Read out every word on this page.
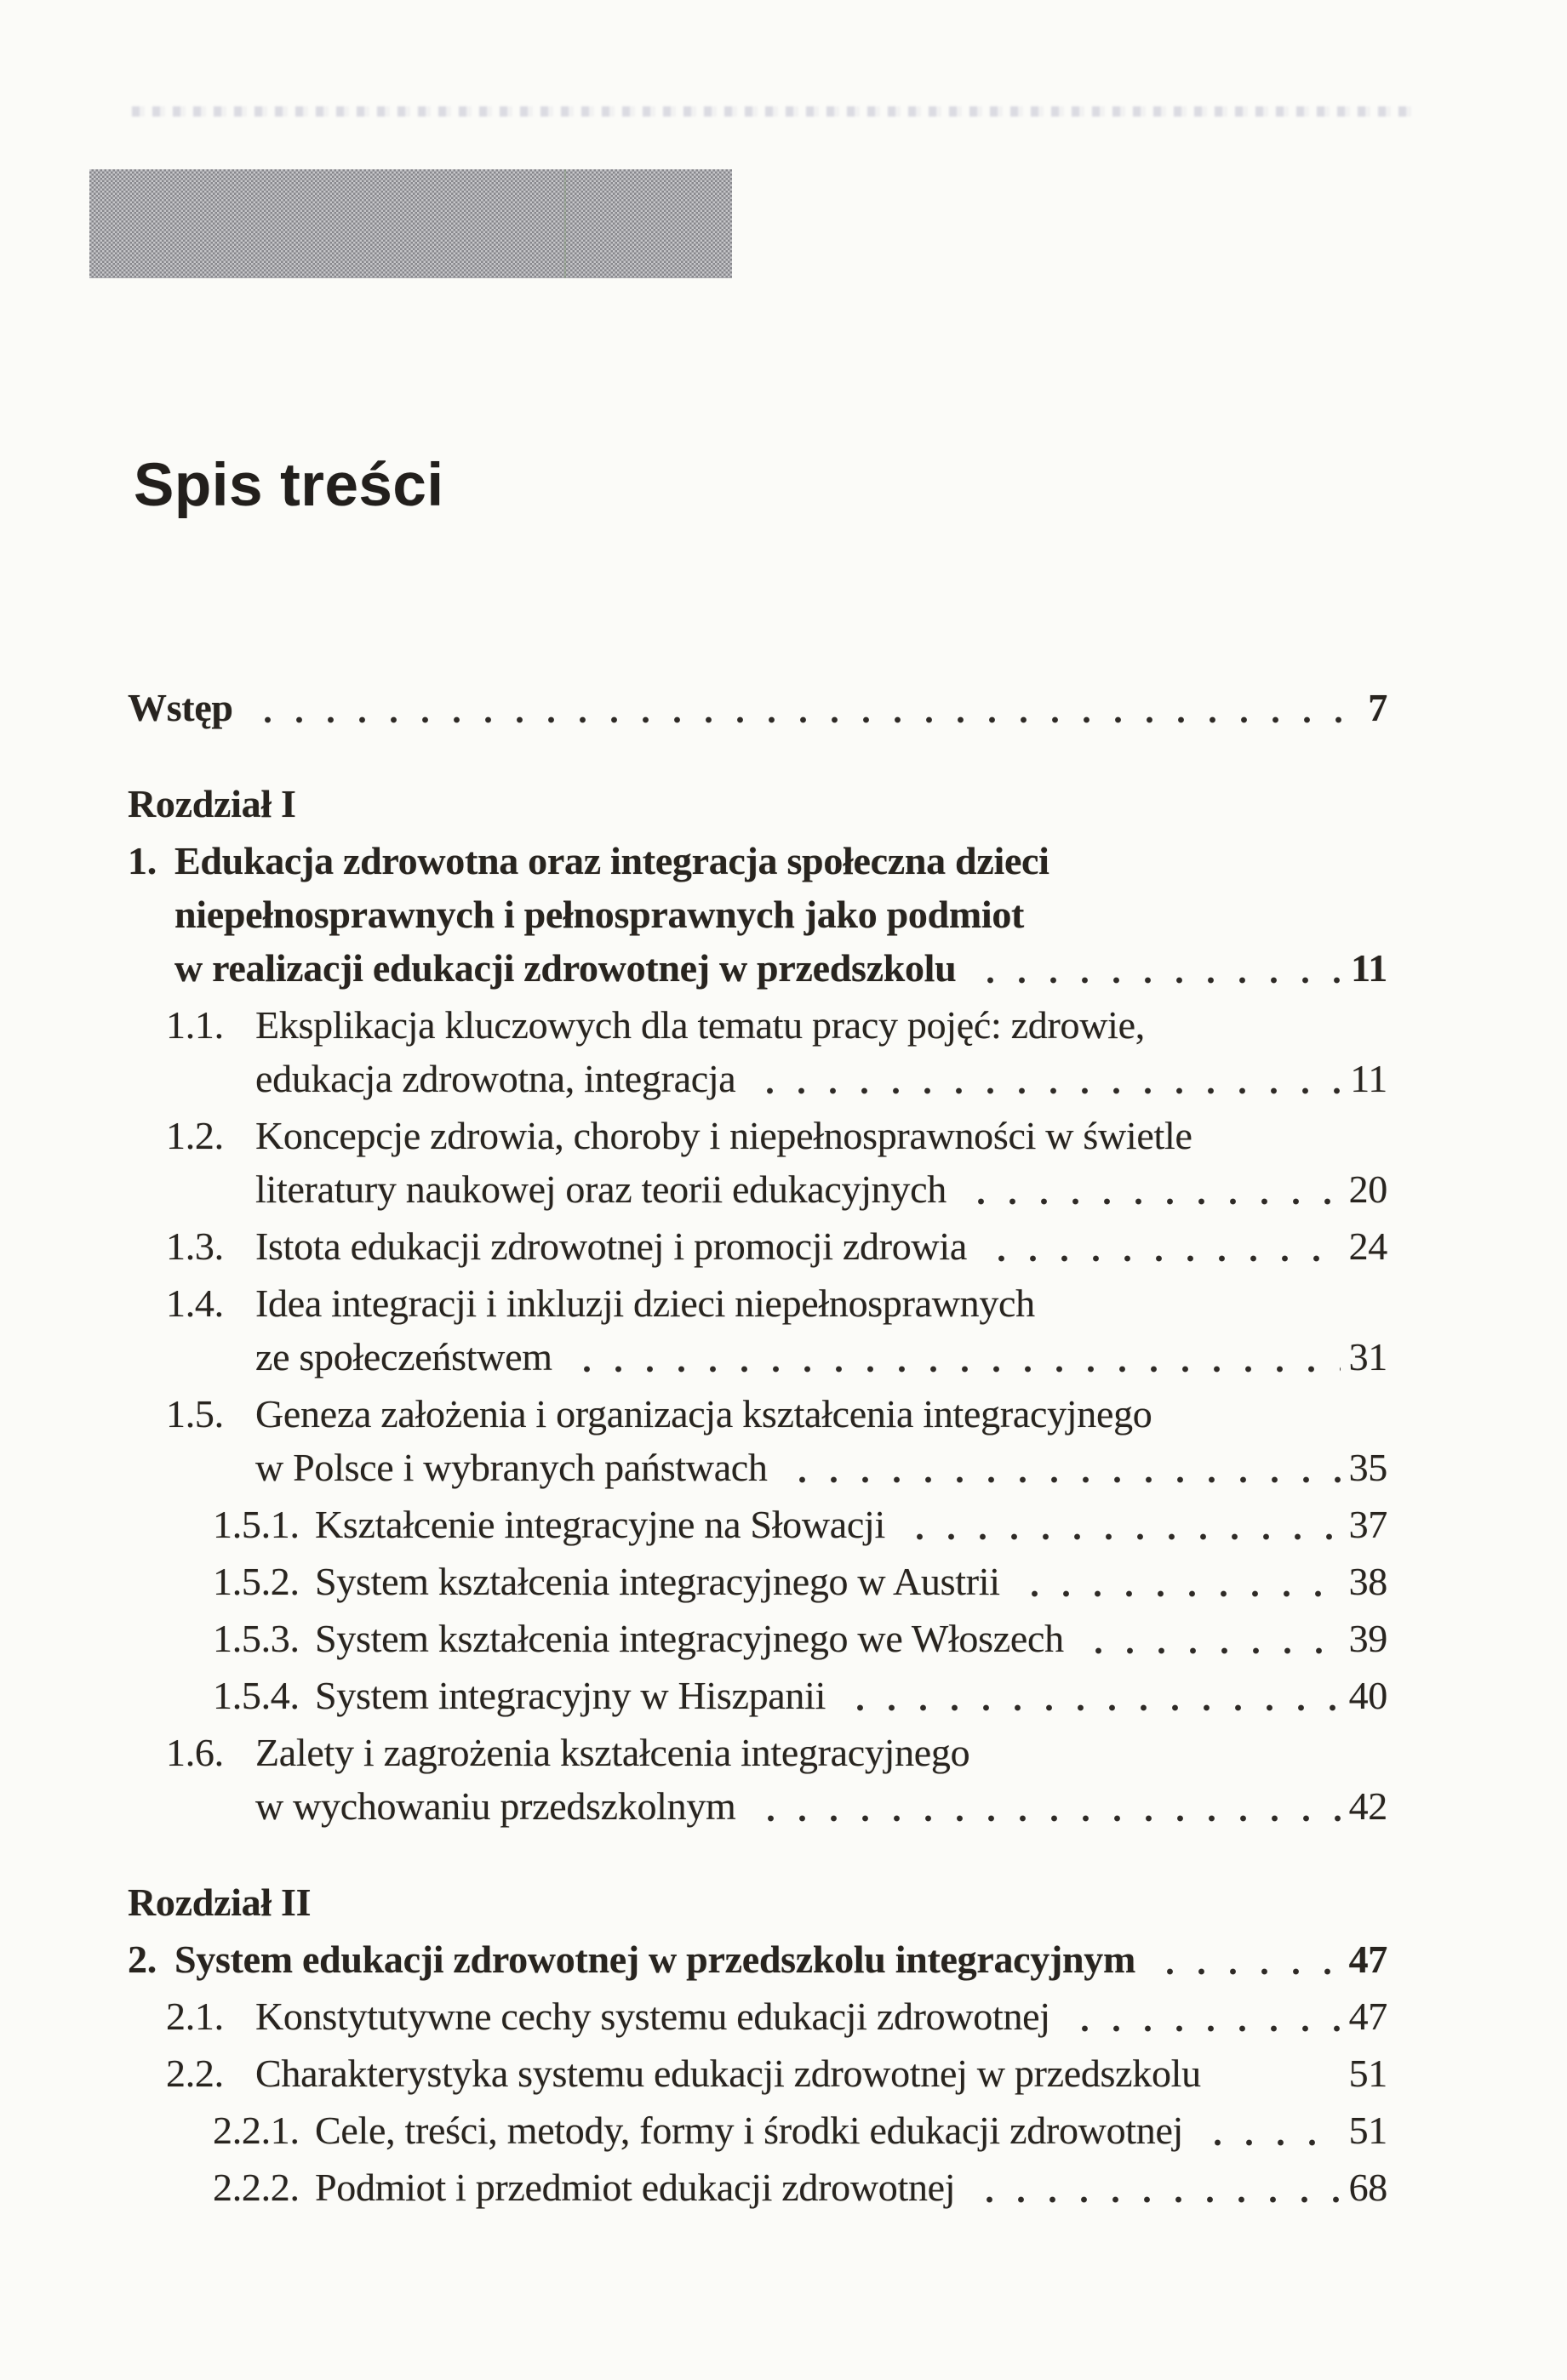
Spis treści
Wstęp	7
Rozdział I
1. Edukacja zdrowotna oraz integracja społeczna dzieci
niepełnosprawnych i pełnosprawnych jako podmiot
w realizacji edukacji zdrowotnej w przedszkolu	11
1.1. Eksplikacja kluczowych dla tematu pracy pojęć: zdrowie,
edukacja zdrowotna, integracja	11
1.2. Koncepcje zdrowia, choroby i niepełnosprawności w świetle
literatury naukowej oraz teorii edukacyjnych	20
1.3. Istota edukacji zdrowotnej i promocji zdrowia	24
1.4. Idea integracji i inkluzji dzieci niepełnosprawnych
ze społeczeństwem	31
1.5. Geneza założenia i organizacja kształcenia integracyjnego
w Polsce i wybranych państwach	35
1.5.1. Kształcenie integracyjne na Słowacji	37
1.5.2. System kształcenia integracyjnego w Austrii	38
1.5.3. System kształcenia integracyjnego we Włoszech	39
1.5.4. System integracyjny w Hiszpanii	40
1.6. Zalety i zagrożenia kształcenia integracyjnego
w wychowaniu przedszkolnym	42
Rozdział II
2. System edukacji zdrowotnej w przedszkolu integracyjnym	47
2.1. Konstytutywne cechy systemu edukacji zdrowotnej	47
2.2. Charakterystyka systemu edukacji zdrowotnej w przedszkolu	51
2.2.1. Cele, treści, metody, formy i środki edukacji zdrowotnej	51
2.2.2. Podmiot i przedmiot edukacji zdrowotnej	68
